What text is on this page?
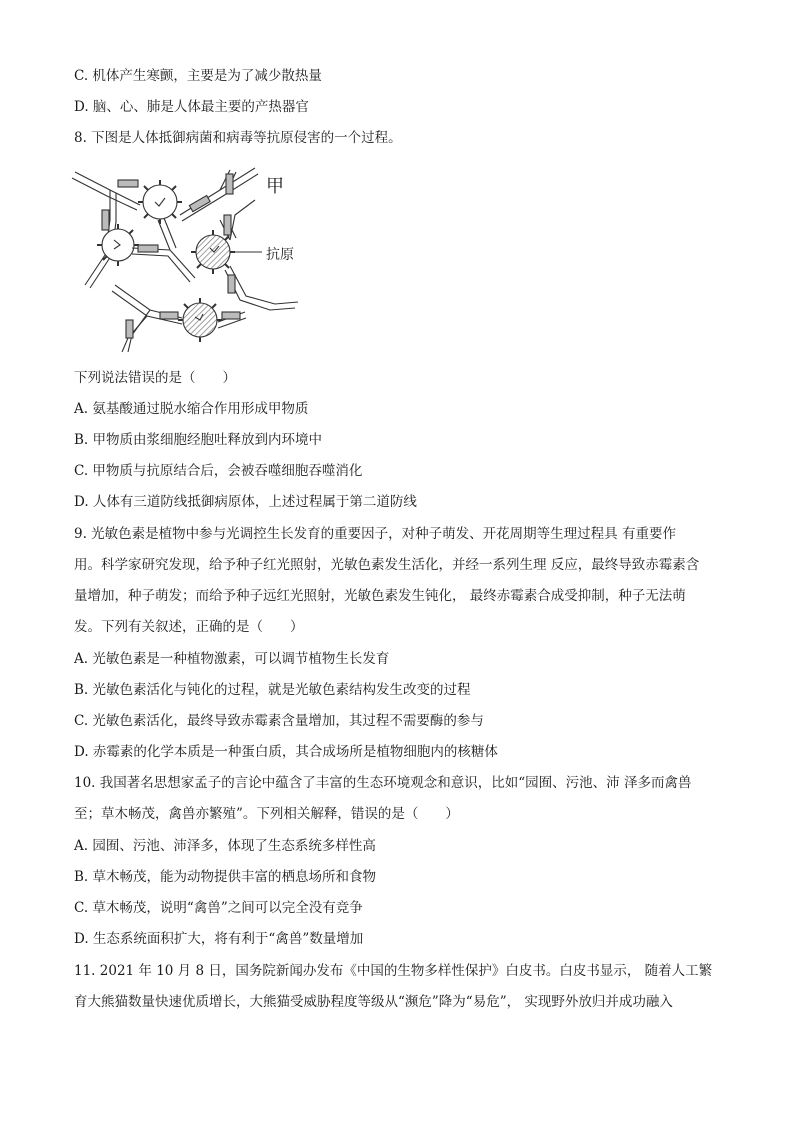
C. 机体产生寒颤，主要是为了减少散热量
D. 脑、心、肺是人体最主要的产热器官
8. 下图是人体抵御病菌和病毒等抗原侵害的一个过程。
甲
抗原
下列说法错误的是（　　）
A. 氨基酸通过脱水缩合作用形成甲物质
B. 甲物质由浆细胞经胞吐释放到内环境中
C. 甲物质与抗原结合后，会被吞噬细胞吞噬消化
D. 人体有三道防线抵御病原体，上述过程属于第二道防线
9. 光敏色素是植物中参与光调控生长发育的重要因子，对种子萌发、开花周期等生理过程具 有重要作
用。科学家研究发现，给予种子红光照射，光敏色素发生活化，并经一系列生理 反应，最终导致赤霉素含
量增加，种子萌发；而给予种子远红光照射，光敏色素发生钝化， 最终赤霉素合成受抑制，种子无法萌
发。下列有关叙述，正确的是（　　）
A. 光敏色素是一种植物激素，可以调节植物生长发育
B. 光敏色素活化与钝化的过程，就是光敏色素结构发生改变的过程
C. 光敏色素活化，最终导致赤霉素含量增加，其过程不需要酶的参与
D. 赤霉素的化学本质是一种蛋白质，其合成场所是植物细胞内的核糖体
10. 我国著名思想家孟子的言论中蕴含了丰富的生态环境观念和意识，比如“园囿、污池、沛 泽多而禽兽
至；草木畅茂，禽兽亦繁殖”。下列相关解释，错误的是（　　）
A. 园囿、污池、沛泽多，体现了生态系统多样性高
B. 草木畅茂，能为动物提供丰富的栖息场所和食物
C. 草木畅茂，说明“禽兽”之间可以完全没有竞争
D. 生态系统面积扩大，将有利于“禽兽”数量增加
11. 2021 年 10 月 8 日，国务院新闻办发布《中国的生物多样性保护》白皮书。白皮书显示， 随着人工繁
育大熊猫数量快速优质增长，大熊猫受威胁程度等级从“濒危”降为“易危”， 实现野外放归并成功融入
